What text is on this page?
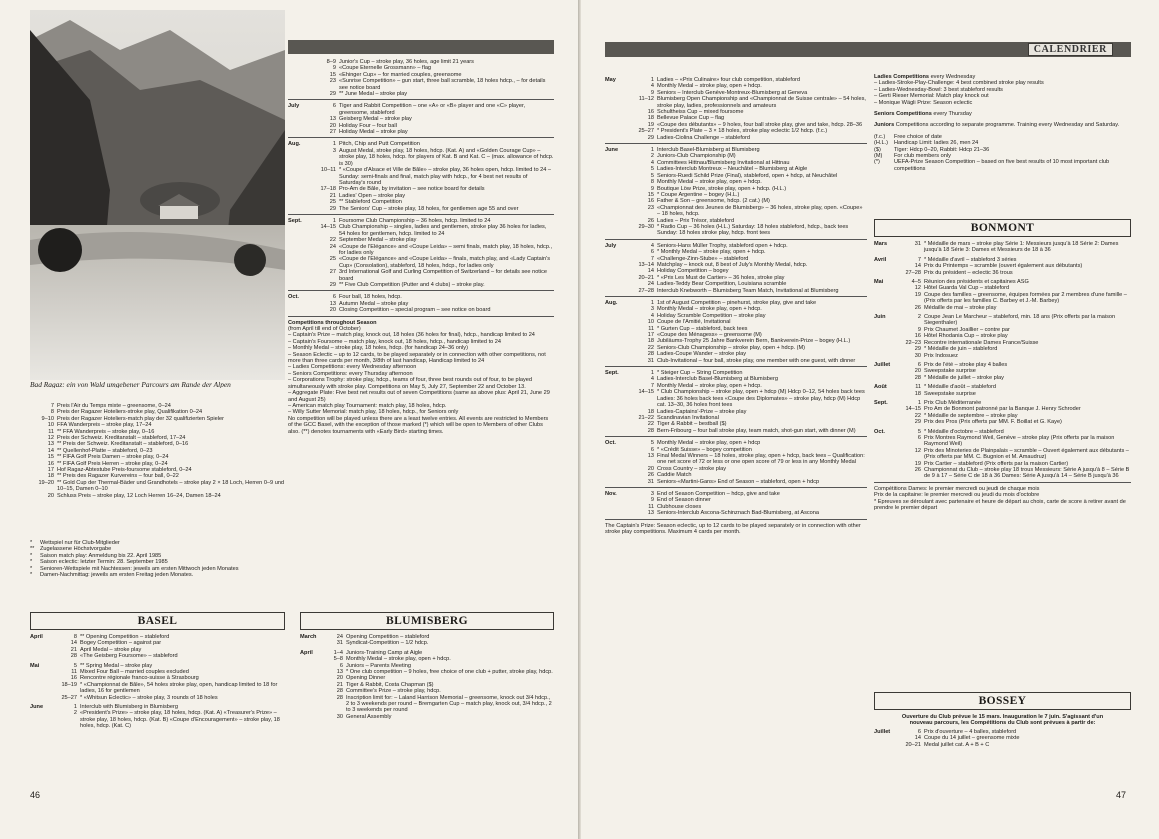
Bad Ragaz: ein von Wald umgebener Parcours am Rande der Alpen
7 Preis l'Air du Temps mixte – greensome, 0–24
8 Preis der Ragazer Hoteliers-stroke play, Qualifikation 0–24
9–10 Preis der Ragazer Hoteliers-match play der 32 qualifizierten Spieler
10 FFA Wanderpreis – stroke play, 17–24
11 ** FFA Wanderpreis – stroke play, 0–16
12 Preis der Schweiz. Kreditanstalt – stableford, 17–24
13 ** Preis der Schweiz. Kreditanstalt – stableford, 0–16
14 ** Quellenhof-Platte – stableford, 0–23
15 ** FIFA Golf Preis Damen – stroke play, 0–24
16 ** FIFA Golf Preis Herren – stroke play, 0–24
17 Hof Ragaz-Abtestube Preis-foursome stableford, 0–24
18 ** Preis des Ragazer Kurvereins – four ball, 0–22
19–20 ** Gold Cup der Thermal-Bäder und Grandhotels – stroke play 2 × 18 Loch, Herren 0–9 und 10–15, Damen 0–10
20 Schluss Preis – stroke play, 12 Loch Herren 16–24, Damen 18–24
*	Wettspiel nur für Club-Mitglieder
**	Zugelassene Höchstvorgabe
*	Saison match play: Anmeldung bis 22. April 1985
*	Saison eclectic: letzter Termin: 28. September 1985
*	Senioren-Wettspiele mit Nachtessen: jeweils am ersten Mittwoch jeden Monates
*	Damen-Nachmittag: jeweils am ersten Freitag jeden Monates.
BASEL
April	8 ** Opening Competition – stableford
14 Bogey Competition – against par
21 April Medal – stroke play
28 «The Geisberg Foursome» – stableford
Mai	5 ** Spring Medal – stroke play
11 Mixed Four Ball – married couples excluded
16 Rencontre régionale franco-suisse à Strasbourg
18–19 * «Championnat de Bâle», 54 holes stroke play, open, handicap limited to 18 for ladies, 16 for gentlemen
25–27 * «Whitsun Eclectic» – stroke play, 3 rounds of 18 holes
June	1 Interclub with Blumisberg in Blumisberg
2 «President's Prize» – stroke play, 18 holes, hdcp. (Kat. A) «Treasurer's Prize» – stroke play, 18 holes, hdcp. (Kat. B) «Coupe d'Encouragement» – stroke play, 18 holes, hdcp. (Kat. C)
8–9 Junior's Cup – stroke play, 36 holes, age limit 21 years
9 «Coupe Eternelle Grossmann» – flag
15 «Ehinger Cup» – for married couples, greensome
23 «Sunrise Competition» – gun start, three ball scramble, 18 holes hdcp., – for details see notice board
29 ** June Medal – stroke play
July	6 Tiger and Rabbit Competition – one «A» or «B» player and one «C» player, greensome, stableford
13 Geisberg Medal – stroke play
20 Holiday Four – four ball
27 Holiday Medal – stroke play
Aug.	1 Pitch, Chip and Putt Competition
3 August Medal, stroke play, 18 holes, hdcp. (Kat. A) and «Golden Courage Cup» – stroke play, 18 holes, hdcp. for players of Kat. B and Kat. C – (max. allowance of hdcp. is 30)
10–11 * «Coupe d'Alsace et Ville de Bâle» – stroke play, 36 holes open, hdcp. limited to 24 – Sunday: semi-finals and final, match play with hdcp., for 4 best net results of Saturday's round
17–18 Pro-Am de Bâle, by invitation – see notice board for details
21 Ladies' Open – stroke play
25 ** Stableford Competition
29 The Seniors' Cup – stroke play, 18 holes, for gentlemen age 55 and over
Sept.	1 Foursome Club Championship – 36 holes, hdcp. limited to 24
14–15 Club Championship – singles, ladies and gentlemen, stroke play 36 holes for ladies, 54 holes for gentlemen, hdcp. limited to 24
22 September Medal – stroke play
24 «Coupe de l'Elégance» and «Coupe Leida» – semi finals, match play, 18 holes, hdcp., for ladies only
25 «Coupe de l'Elégance» and «Coupe Leida» – finals, match play, and «Lady Captain's Cup» (Consolation), stableford, 18 holes, hdcp., for ladies only
27 3rd International Golf and Curling Competition of Switzerland – for details see notice board
29 ** Five Club Competition (Putter and 4 clubs) – stroke play.
Oct.	6 Four ball, 18 holes, hdcp.
13 Autumn Medal – stroke play
20 Closing Competition – special program – see notice on board
Competitions throughout Season
(from April till end of October)
– Captain's Prize – match play, knock out, 18 holes (36 holes for final), hdcp., handicap limited to 24
– Captain's Foursome – match play, knock out, 18 holes, hdcp., handicap limited to 24
– Monthly Medal – stroke play, 18 holes, hdcp. (for handicap 24–36 only)
– Season Eclectic – up to 12 cards, to be played separately or in connection with other competitions, not more than three cards per month, 3/8th of last handicap, Handicap limited to 24
– Ladies Competitions: every Wednesday afternoon
– Seniors Competitions: every Thursday afternoon
– Corporations Trophy: stroke play, hdcp., teams of four, three best rounds out of four, to be played simultaneously with stroke play. Competitions on May 5, July 27, September 22 and October 13.
– Aggregate Plate: Five best net results out of seven Competitions (same as above plus: April 21, June 29 and August 25)
– American match play Tournament: match play, 18 holes, hdcp.
– Willy Sutter Memorial: match play, 18 holes, hdcp., for Seniors only
No competition will be played unless there are a least twelve entries. All events are restricted to Members of the GCC Basel, with the exception of those marked (*) which will be open to Members of other Clubs also. (**) denotes tournaments with «Early Bird» starting times.
BLUMISBERG
March	24 Opening Competition – stableford
31 Syndicat-Competition – 1/2 hdcp.
April	1–4 Juniors-Training Camp at Aigle
5–8 Monthly Medal – stroke play, open + hdcp.
6 Juniors – Parents Meeting
13 * One club competition – 9 holes, free choice of one club + putter, stroke play, hdcp.
20 Opening Dinner
21 Tiger & Rabbit, Costa Chapman ($)
28 Committee's Prize – stroke play, hdcp.
28 Inscription limit for: – Laland Harrison Memorial – greensome, knock out 3/4 hdcp., 2 to 3 weekends per round – Bremgarten Cup – match play, knock out, 3/4 hdcp., 2 to 3 weekends per round
30 General Assembly
46
CALENDRIER
May	1 Ladies – «Prix Culinaire» four club competition, stableford
4 Monthly Medal – stroke play, open + hdcp.
9 Seniors – Interclub Genève-Montreux-Blumisberg at Geneva
11–12 Blumisberg Open Championship and «Championnat de Suisse centrale» – 54 holes, stroke play, ladies, professionnels and amateurs
16 Schultheiss Cup – mixed foursome
18 Bellevue Palace Cup – flag
19 «Coupe des débutants» – 9 holes, four ball stroke play, give and take, hdcp. 28–36
25–27 * President's Plate – 3 × 18 holes, stroke play eclectic 1/2 hdcp. (f.c.)
29 Ladies-Ciolina Challenge – stableford
June	1 Interclub Basel-Blumisberg at Blumisberg
2 Juniors-Club Championship (M)
4 Committees Hittnau/Blumisberg Invitational at Hittnau
5 Ladies-Interclub Montreux – Neuchâtel – Blumisberg at Aigle
5 Seniors-Ruedi Schild Prize (Final), stableford, open + hdcp, at Neuchâtel
8 Monthly Medal – stroke play, open + hdcp.
9 Boutique Löw Prize, stroke play, open + hdcp. (H.L.)
15 * Coupe Argentine – bogey (H.L.)
16 Father & Son – greensome, hdcp. (2 cat.) (M)
23 «Championnat des Jeunes de Blumisberg» – 36 holes, stroke play, open. «Coupe» – 18 holes, hdcp.
26 Ladies – Prix Trésor, stableford
29–30 * Radio Cup – 36 holes (H.L.) Saturday: 18 holes stableford, hdcp., back tees Sunday: 18 holes stroke play, hdcp. front tees
July	4 Seniors-Hans Müller Trophy, stableford open + hdcp.
6 * Monthly Medal – stroke play, open + hdcp.
7 «Challenge-Zinn-Stube» – stableford
13–14 Matchplay – knock out, 8 best of July's Monthly Medal, hdcp.
14 Holiday Competition – bogey
20–21 * «Prix Les Must de Cartier» – 36 holes, stroke play
24 Ladies-Teddy Bear Competition, Louisiana scramble
27–28 Interclub Knebworth – Blumisberg Team Match, Invitational at Blumisberg
Aug.	1 1st of August Competition – pinehurst, stroke play, give and take
3 Monthly Medal – stroke play, open + hdcp.
4 Holiday Scramble Competition – stroke play
10 Coupe de l'Amitié, Invitational
11 * Gurten Cup – stableford, back tees
17 «Coupe des Ménagess» – greensome (M)
18 Jubiläums-Trophy 25 Jahre Bankverein Bern, Bankverein-Prize – bogey (H.L.)
22 Seniors-Club Championship – stroke play, open + hdcp. (M)
28 Ladies-Coupe Wander – stroke play
31 Club-Invitational – four ball, stroke play, one member with one guest, with dinner
Sept.	1 * Steiger Cup – String Competition
4 Ladies-Interclub Basel-Blumisberg at Blumisberg
7 Monthly Medal – stroke play, open + hdcp.
14–15 * Club Championship – stroke play, open + hdcp (M) Hdcp 0–12, 54 holes back tees Ladies: 36 holes back tees «Coupe des Diplomates» – stroke play, hdcp (M) Hdcp cat. 13–30, 36 holes front tees
18 Ladies-Captains'-Prize – stroke play
21–22 Scandinavian Invitational
22 Tiger & Rabbit – bestball ($)
28 Bern-Fribourg – four ball stroke play, team match, shot-gun start, with dinner (M)
Oct.	5 Monthly Medal – stroke play, open + hdcp
6 * «Crédit Suisse» – bogey competition
13 Final Medal Winners – 18 holes, stroke play, open + hdcp, back tees – Qualification: one net score of 72 or less or one open score of 79 or less in any Monthly Medal
20 Cross Country – stroke play
26 Caddie Match
31 Seniors-«Martini-Gans» End of Season – stableford, open + hdcp
Nov.	3 End of Season Competition – hdcp, give and take
9 End of Season dinner
11 Clubhouse closes
13 Seniors-Interclub Ascona-Schinznach Bad-Blumisberg, at Ascona
The Captain's Prize: Season eclectic, up to 12 cards to be played separately or in connection with other stroke play competitions. Maximum 4 cards per month.
Ladies Competitions every Wednesday
– Ladies-Stroke-Play-Challenge: 4 best combined stroke play results
– Ladies-Wednesday-Bowl: 3 best stableford results
– Gerti Rieser Memorial: Match play knock out
– Monique Wägli Prize: Season eclectic
Seniors Competitions every Thursday
Juniors Competitions according to separate programme. Training every Wednesday and Saturday.
(f.c.)	Free choice of date
(H.L.)	Handicap Limit: ladies 26, men 24
($)	Tiger: Hdcp 0–20, Rabbit: Hdcp 21–36
(M)	For club members only
(*)	UEFA-Prize Season Competition – based on five best results of 10 most important club competitions
BONMONT
Mars	31 * Médaille de mars – stroke play Série 1: Messieurs jusqu'à 18 Série 2: Dames jusqu'à 18 Série 3: Dames et Messieurs de 18 à 36
Avril	7 * Médaille d'avril – stableford 3 séries
14 Prix du Printemps – scramble (ouvert également aux débutants)
27–28 Prix du président – eclectic 36 trous
Mai	4–5 Réunion des présidents et capitaines ASG
12 Hôtel Guarda Val Cup – stableford
19 Coupe des familles – greensome, équipes formées par 2 membres d'une famille – (Prix offerts par les familles C. Barbey et J.-M. Barbey)
26 Médaille de mai – stroke play
Juin	2 Coupe Jean Le Marcheur – stableford, min. 18 ans (Prix offerts par la maison Siegenthaler)
9 Prix Chaumet Joaillier – contre par
16 Hôtel Rhodania Cup – stroke play
22–23 Recontre internationale Dames France/Suisse
29 * Médaille de juin – stableford
30 Prix Indosuez
Juillet	6 Prix de l'été – stroke play 4 balles
20 Sweepstake surprise
28 * Médaille de juillet – stroke play
Août	11 * Médaille d'août – stableford
18 Sweepstake surprise
Sept.	1 Prix Club Méditerranée
14–15 Pro Am de Bonmont patronné par la Banque J. Henry Schroder
22 * Médaille de septembre – stroke play
29 Prix des Pros (Prix offerts par MM. F. Boillat et G. Kaye)
Oct.	5 * Médaille d'octobre – stableford
6 Prix Montres Raymond Weil, Genève – stroke play (Prix offerts par la maison Raymond Weil)
12 Prix des Minoteries de Plainpalais – scramble – Ouvert également aux débutants – (Prix offerts par MM. C. Bugnion et M. Amaudruz)
19 Prix Cartier – stableford (Prix offerts par la maison Cartier)
26 Championnat du Club – stroke play 18 trous Messieurs: Série A jusqu'à 8 – Série B de 9 à 17 – Série C de 18 à 36 Dames: Série A jusqu'à 14 – Série B jusqu'à 36
Compétitions Dames: le premier mercredi ou jeudi de chaque mois
Prix de la capitaine: le premier mercredi ou jeudi du mois d'octobre
* Epreuves se déroulant avec partenaire et heure de départ au choix, carte de score à retirer avant de prendre le premier départ
BOSSEY
Ouverture du Club prévue le 15 mars. Inauguration le 7 juin. S'agissant d'un nouveau parcours, les Compétitions du Club sont prévues à partir de:
Juillet	6 Prix d'ouverture – 4 balles, stableford
14 Coupe du 14 juillet – greensome mixte
20–21 Medal juillet cat. A + B + C
47
